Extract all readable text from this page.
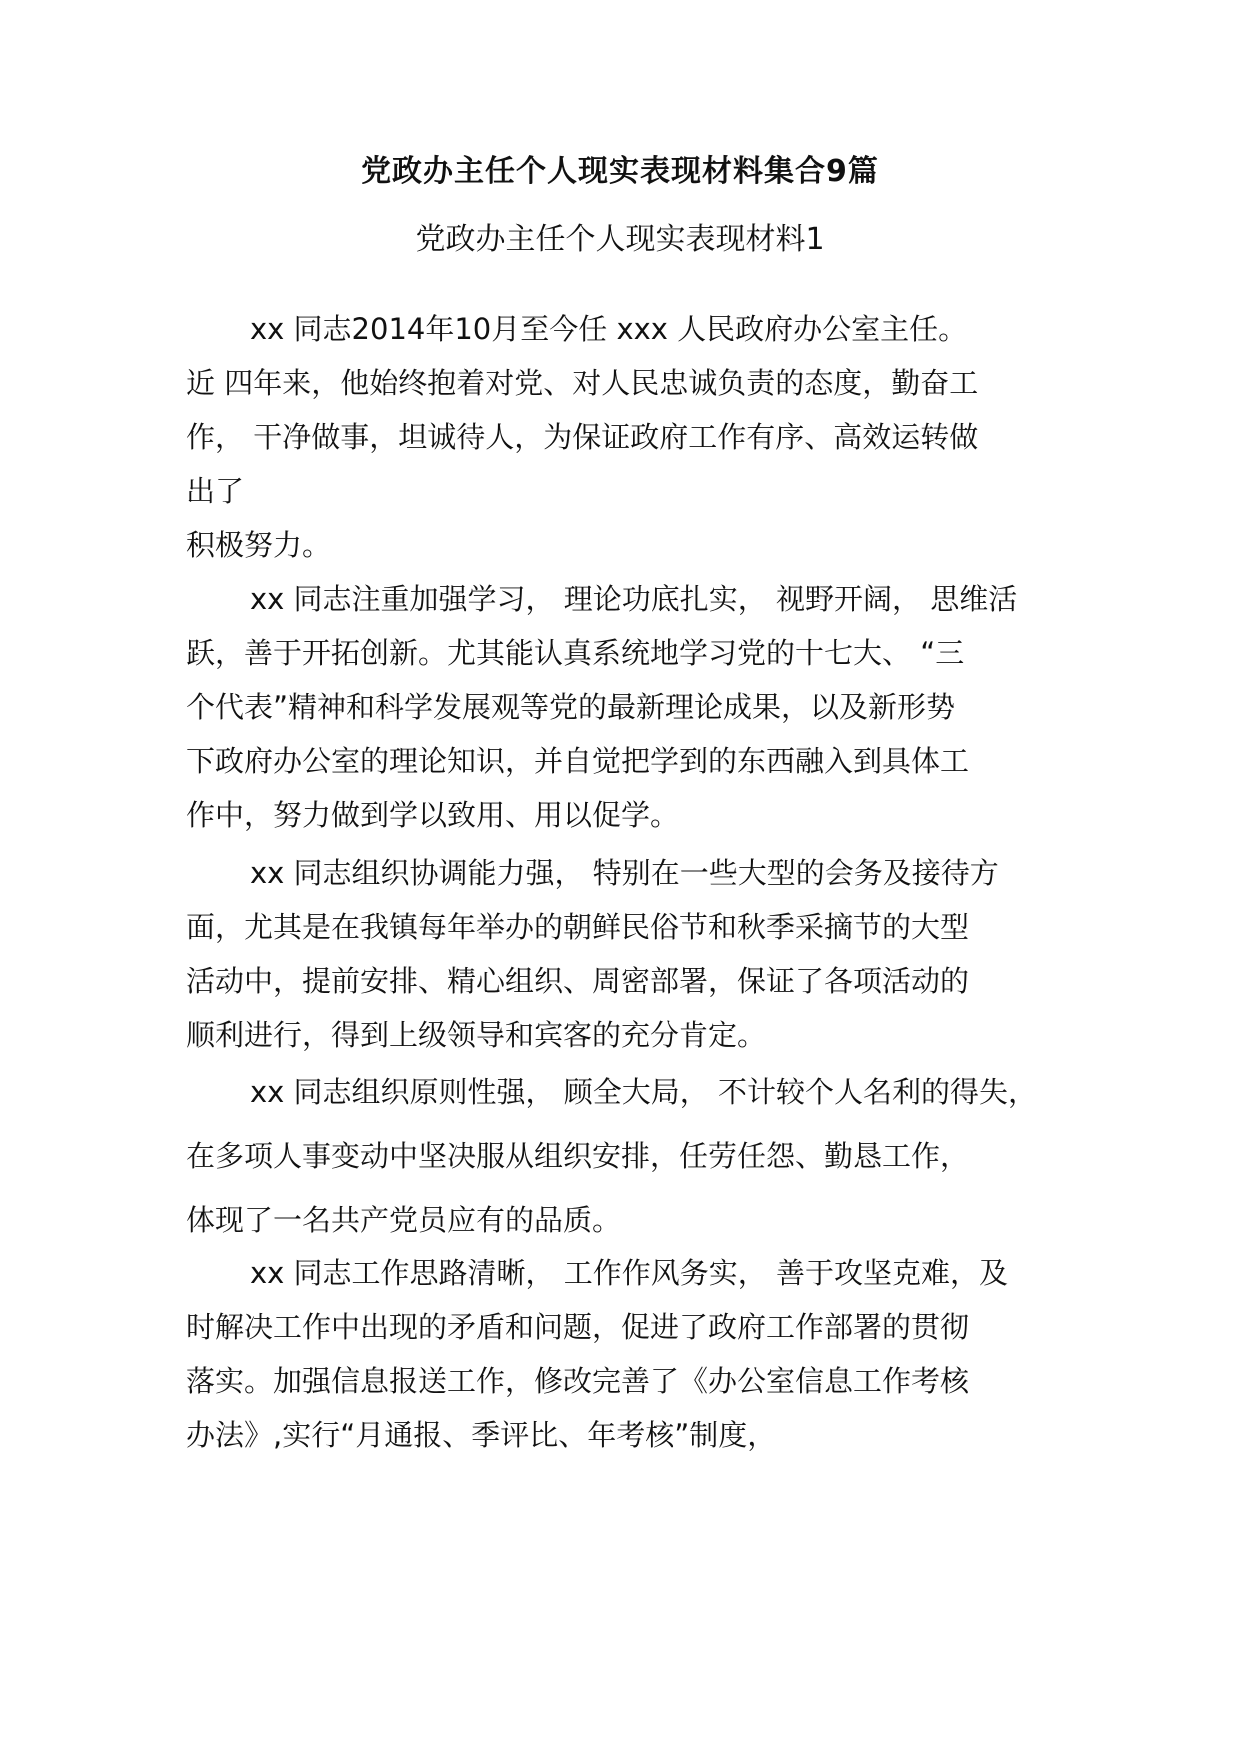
党政办主任个人现实表现材料集合9篇
党政办主任个人现实表现材料1
xx 同志2014年10月至今任 xxx 人民政府办公室主任。
近 四年来，他始终抱着对党、对人民忠诚负责的态度，勤奋工
作， 干净做事，坦诚待人，为保证政府工作有序、高效运转做
出了
积极努力。
xx 同志注重加强学习， 理论功底扎实， 视野开阔， 思维活
跃，善于开拓创新。尤其能认真系统地学习党的十七大、 “三
个代表”精神和科学发展观等党的最新理论成果，以及新形势
下政府办公室的理论知识，并自觉把学到的东西融入到具体工
作中，努力做到学以致用、用以促学。
xx 同志组织协调能力强， 特别在一些大型的会务及接待方
面，尤其是在我镇每年举办的朝鲜民俗节和秋季采摘节的大型
活动中，提前安排、精心组织、周密部署，保证了各项活动的
顺利进行，得到上级领导和宾客的充分肯定。
xx 同志组织原则性强， 顾全大局， 不计较个人名利的得失，
在多项人事变动中坚决服从组织安排，任劳任怨、勤恳工作，
体现了一名共产党员应有的品质。
xx 同志工作思路清晰， 工作作风务实， 善于攻坚克难，及
时解决工作中出现的矛盾和问题，促进了政府工作部署的贯彻
落实。加强信息报送工作，修改完善了《办公室信息工作考核
办法》,实行“月通报、季评比、年考核”制度，
